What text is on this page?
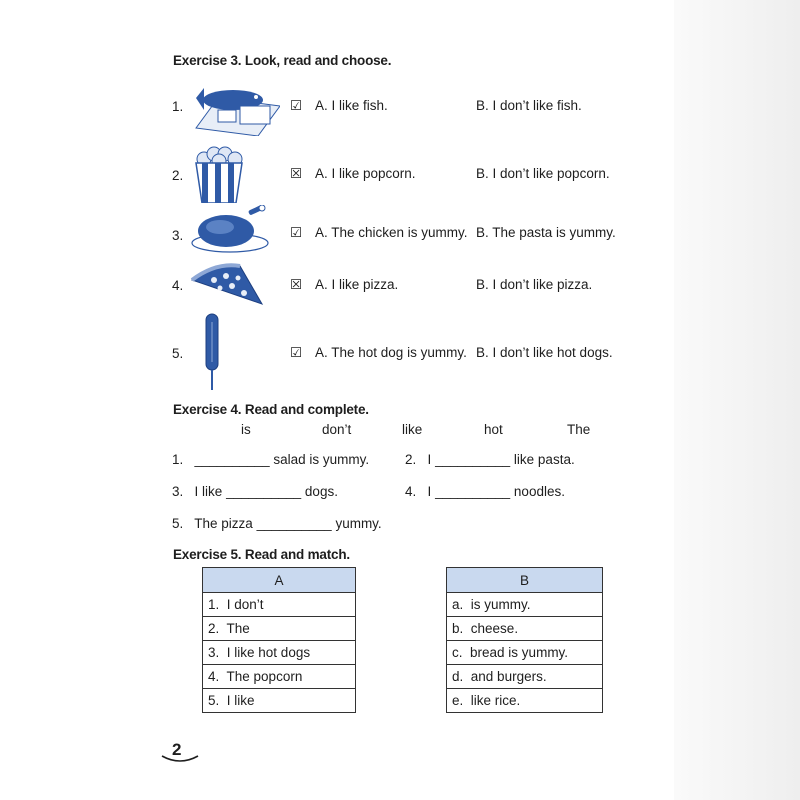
Exercise 3. Look, read and choose.
1.	☑ A. I like fish.	B. I don’t like fish.
2.	☒ A. I like popcorn.	B. I don’t like popcorn.
3.	☑ A. The chicken is yummy. B. The pasta is yummy.
4.	☒ A. I like pizza.	B. I don’t like pizza.
5.	☑ A. The hot dog is yummy. B. I don’t like hot dogs.
Exercise 4. Read and complete.
is	don’t	like	hot	The
1. __________ salad is yummy.	2. I __________ like pasta.
3. I like __________ dogs.	4. I __________ noodles.
5. The pizza __________ yummy.
Exercise 5. Read and match.
A
1. I don’t
2. The
3. I like hot dogs
4. The popcorn
5. I like
B
a. is yummy.
b. cheese.
c. bread is yummy.
d. and burgers.
e. like rice.
2
